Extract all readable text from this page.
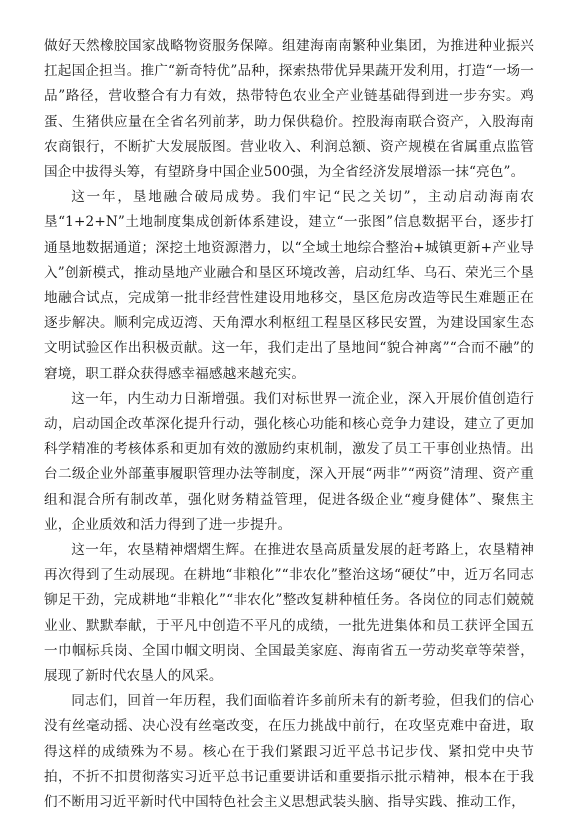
做好天然橡胶国家战略物资服务保障。组建海南南繁种业集团，为推进种业振兴扛起国企担当。推广“新奇特优”品种，探索热带优异果蔬开发利用，打造“一场一品”路径，营收整合有力有效，热带特色农业全产业链基础得到进一步夯实。鸡蛋、生猪供应量在全省名列前茅，助力保供稳价。控股海南联合资产，入股海南农商银行，不断扩大发展版图。营业收入、利润总额、资产规模在省属重点监管国企中拔得头筹，有望跻身中国企业500强，为全省经济发展增添一抹“亮色”。

这一年，垦地融合破局成势。我们牢记“民之关切”，主动启动海南农垦“1+2+N”土地制度集成创新体系建设，建立“一张图”信息数据平台，逐步打通垦地数据通道；深挖土地资源潜力，以“全域土地综合整治+城镇更新+产业导入”创新模式，推动垦地产业融合和垦区环境改善，启动红华、乌石、荣光三个垦地融合试点，完成第一批非经营性建设用地移交，垦区危房改造等民生难题正在逐步解决。顺利完成迈湾、天角潭水利枢纽工程垦区移民安置，为建设国家生态文明试验区作出积极贡献。这一年，我们走出了垦地间“貌合神离”“合而不融”的窘境，职工群众获得感幸福感越来越充实。

这一年，内生动力日渐增强。我们对标世界一流企业，深入开展价值创造行动，启动国企改革深化提升行动，强化核心功能和核心竞争力建设，建立了更加科学精准的考核体系和更加有效的激励约束机制，激发了员工干事创业热情。出台二级企业外部董事履职管理办法等制度，深入开展“两非”“两资”清理、资产重组和混合所有制改革，强化财务精益管理，促进各级企业“瘦身健体”、聚焦主业，企业质效和活力得到了进一步提升。

这一年，农垦精神熠熠生辉。在推进农垦高质量发展的赶考路上，农垦精神再次得到了生动展现。在耕地“非粮化”“非农化”整治这场“硬仗”中，近万名同志铆足干劲，完成耕地“非粮化”“非农化”整改复耕种植任务。各岗位的同志们兢兢业业、默默奉献，于平凡中创造不平凡的成绩，一批先进集体和员工获评全国五一巾帼标兵岗、全国巾帼文明岗、全国最美家庭、海南省五一劳动奖章等荣誉，展现了新时代农垦人的风采。

同志们，回首一年历程，我们面临着许多前所未有的新考验，但我们的信心没有丝毫动摇、决心没有丝毫改变，在压力挑战中前行，在攻坚克难中奋进，取得这样的成绩殊为不易。核心在于我们紧跟习近平总书记步伐、紧扣党中央节拍，不折不扣贯彻落实习近平总书记重要讲话和重要指示批示精神，根本在于我们不断用习近平新时代中国特色社会主义思想武装头脑、指导实践、推动工作，
